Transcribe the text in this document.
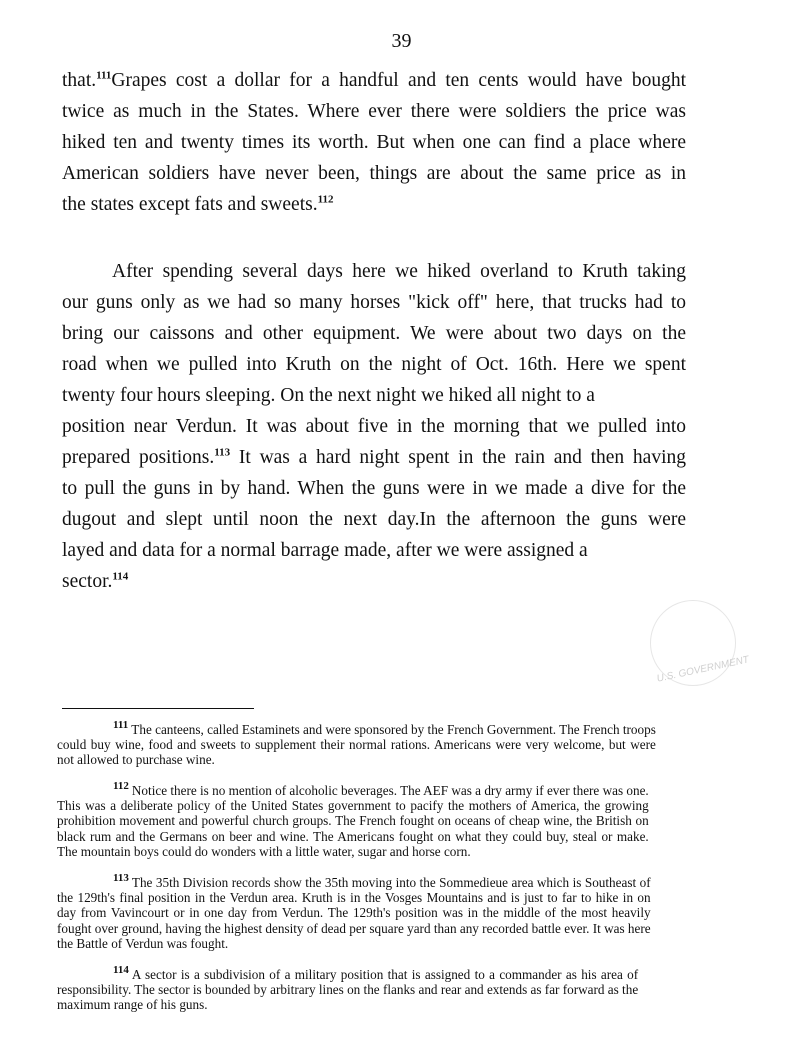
39
that.$^{111}$Grapes cost a dollar for a handful and ten cents would have bought
twice as much in the States. Where ever there were soldiers the price was
hiked ten and twenty times its worth. But when one can find a place where
American soldiers have never been, things are about the same price as in
the states except fats and sweets.$^{112}$
After spending several days here we hiked overland to Kruth taking
our guns only as we had so many horses "kick off" here, that trucks had to
bring our caissons and other equipment. We were about two days on the
road when we pulled into Kruth on the night of Oct. 16th. Here we spent
twenty four hours sleeping. On the next night we hiked all night to a
position near Verdun. It was about five in the morning that we pulled into
prepared positions.$^{113}$ It was a hard night spent in the rain and then having
to pull the guns in by hand. When the guns were in we made a dive for the
dugout and slept until noon the next day.In the afternoon the guns were
layed and data for a normal barrage made, after we were assigned a
sector.$^{114}$
U.S. GOVERNMENT
111 The canteens, called Estaminets and were sponsored by the French Government. The French troops
could buy wine, food and sweets to supplement their normal rations. Americans were very welcome, but were
not allowed to purchase wine.
112 Notice there is no mention of alcoholic beverages. The AEF was a dry army if ever there was one.
This was a deliberate policy of the United States government to pacify the mothers of America, the growing
prohibition movement and powerful church groups. The French fought on oceans of cheap wine, the British on
black rum and the Germans on beer and wine. The Americans fought on what they could buy, steal or make.
The mountain boys could do wonders with a little water, sugar and horse corn.
113 The 35th Division records show the 35th moving into the Sommedieue area which is Southeast of
the 129th's final position in the Verdun area. Kruth is in the Vosges Mountains and is just to far to hike in on
day from Vavincourt or in one day from Verdun. The 129th's position was in the middle of the most heavily
fought over ground, having the highest density of dead per square yard than any recorded battle ever. It was here
the Battle of Verdun was fought.
114 A sector is a subdivision of a military position that is assigned to a commander as his area of
responsibility. The sector is bounded by arbitrary lines on the flanks and rear and extends as far forward as the
maximum range of his guns.
